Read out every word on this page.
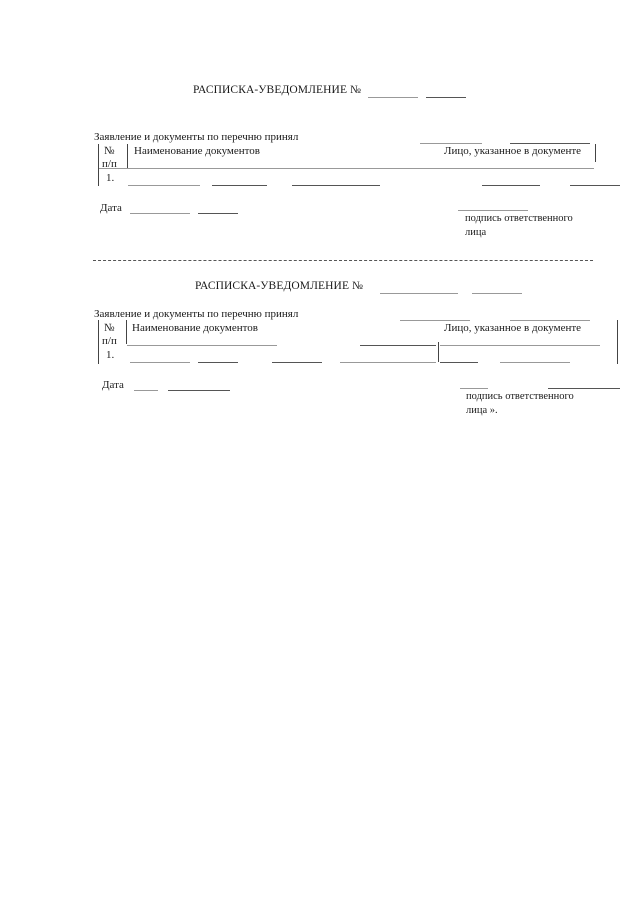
РАСПИСКА-УВЕДОМЛЕНИЕ №
Заявление и документы по перечню принял
№
п/п
Наименование документов	Лицо, указанное в документе
1.
Дата
подпись ответственного
лица
РАСПИСКА-УВЕДОМЛЕНИЕ №
Заявление и документы по перечню принял
№
п/п
Наименование документов	Лицо, указанное в документе
1.
Дата
подпись ответственного
лица ».
